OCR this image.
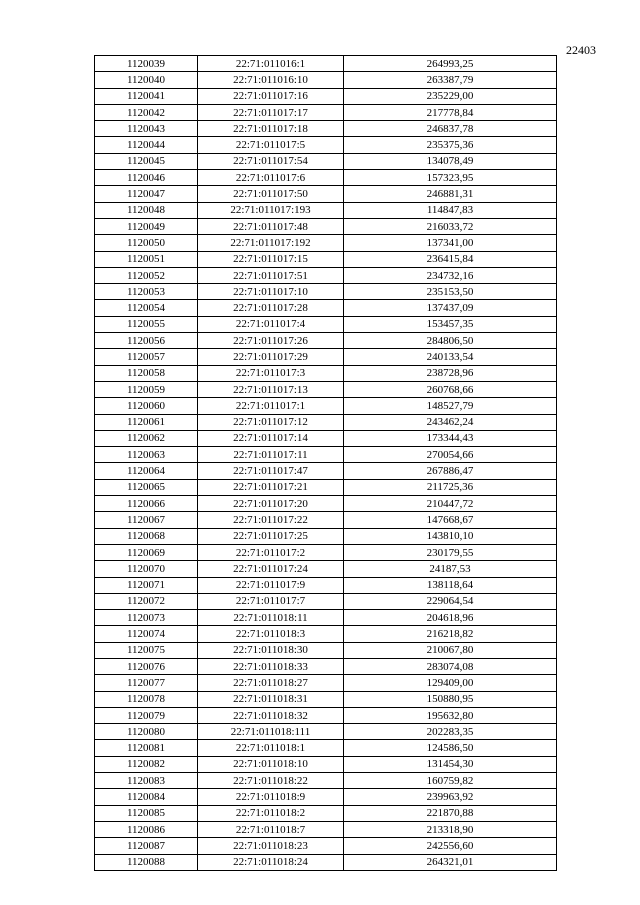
22403
1120039	22:71:011016:1	264993,25
1120040	22:71:011016:10	263387,79
1120041	22:71:011017:16	235229,00
1120042	22:71:011017:17	217778,84
1120043	22:71:011017:18	246837,78
1120044	22:71:011017:5	235375,36
1120045	22:71:011017:54	134078,49
1120046	22:71:011017:6	157323,95
1120047	22:71:011017:50	246881,31
1120048	22:71:011017:193	114847,83
1120049	22:71:011017:48	216033,72
1120050	22:71:011017:192	137341,00
1120051	22:71:011017:15	236415,84
1120052	22:71:011017:51	234732,16
1120053	22:71:011017:10	235153,50
1120054	22:71:011017:28	137437,09
1120055	22:71:011017:4	153457,35
1120056	22:71:011017:26	284806,50
1120057	22:71:011017:29	240133,54
1120058	22:71:011017:3	238728,96
1120059	22:71:011017:13	260768,66
1120060	22:71:011017:1	148527,79
1120061	22:71:011017:12	243462,24
1120062	22:71:011017:14	173344,43
1120063	22:71:011017:11	270054,66
1120064	22:71:011017:47	267886,47
1120065	22:71:011017:21	211725,36
1120066	22:71:011017:20	210447,72
1120067	22:71:011017:22	147668,67
1120068	22:71:011017:25	143810,10
1120069	22:71:011017:2	230179,55
1120070	22:71:011017:24	24187,53
1120071	22:71:011017:9	138118,64
1120072	22:71:011017:7	229064,54
1120073	22:71:011018:11	204618,96
1120074	22:71:011018:3	216218,82
1120075	22:71:011018:30	210067,80
1120076	22:71:011018:33	283074,08
1120077	22:71:011018:27	129409,00
1120078	22:71:011018:31	150880,95
1120079	22:71:011018:32	195632,80
1120080	22:71:011018:111	202283,35
1120081	22:71:011018:1	124586,50
1120082	22:71:011018:10	131454,30
1120083	22:71:011018:22	160759,82
1120084	22:71:011018:9	239963,92
1120085	22:71:011018:2	221870,88
1120086	22:71:011018:7	213318,90
1120087	22:71:011018:23	242556,60
1120088	22:71:011018:24	264321,01
